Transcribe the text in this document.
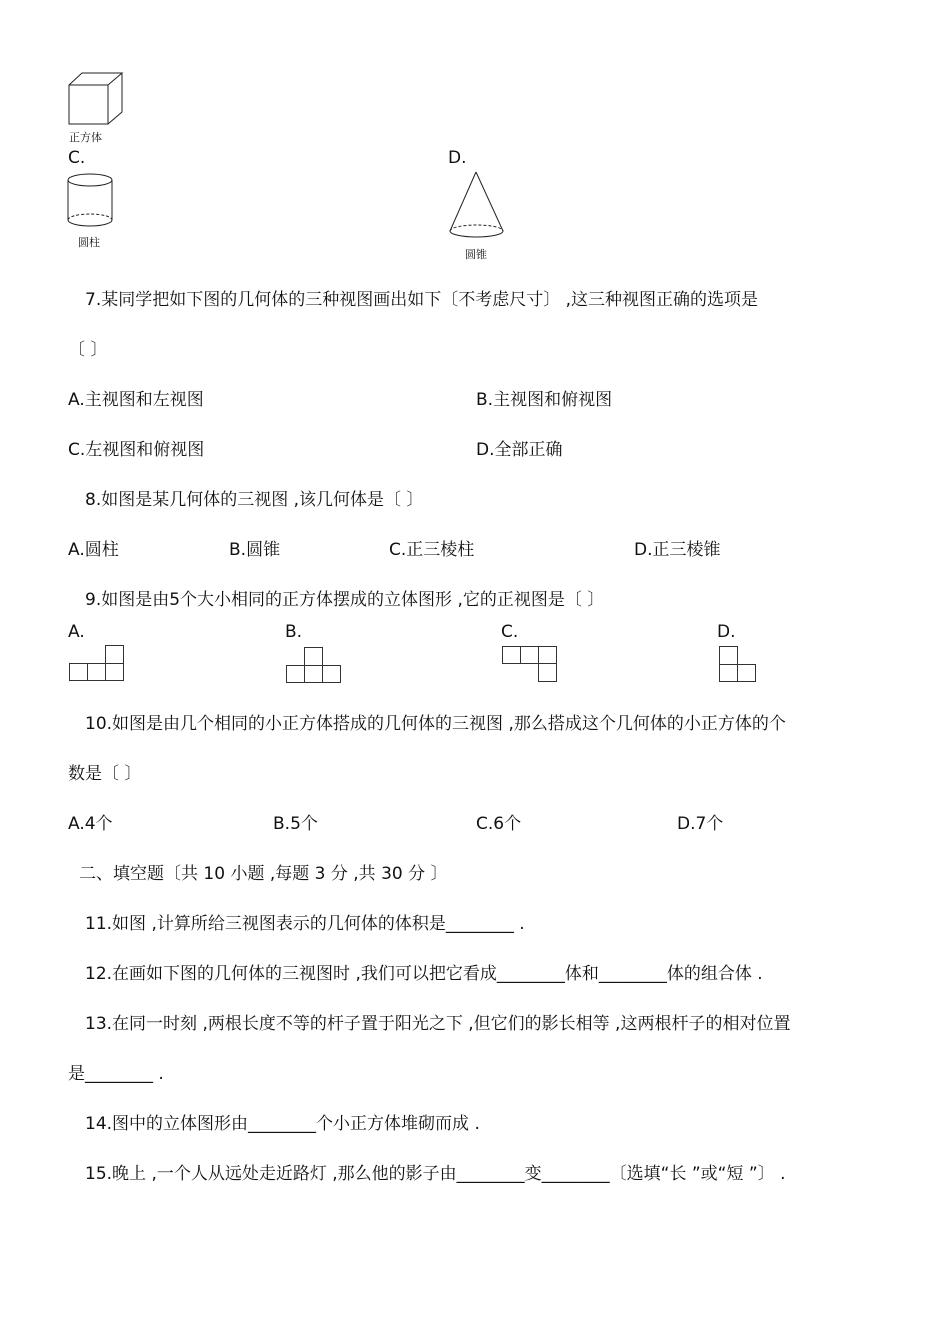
正方体
C.	D.
圆柱
圆锥
7.某同学把如下图的几何体的三种视图画出如下〔不考虑尺寸〕 ,这三种视图正确的选项是
〔 〕
A.主视图和左视图	B.主视图和俯视图
C.左视图和俯视图	D.全部正确
8.如图是某几何体的三视图 ,该几何体是〔 〕
A.圆柱	B.圆锥	C.正三棱柱	D.正三棱锥
9.如图是由5个大小相同的正方体摆成的立体图形 ,它的正视图是〔 〕
A.	B.	C.	D.
10.如图是由几个相同的小正方体搭成的几何体的三视图 ,那么搭成这个几何体的小正方体的个
数是〔 〕
A.4个	B.5个	C.6个	D.7个
二、填空题〔共 10 小题 ,每题 3 分 ,共 30 分 〕
11.如图 ,计算所给三视图表示的几何体的体积是________ .
12.在画如下图的几何体的三视图时 ,我们可以把它看成________体和________体的组合体 .
13.在同一时刻 ,两根长度不等的杆子置于阳光之下 ,但它们的影长相等 ,这两根杆子的相对位置
是________ .
14.图中的立体图形由________个小正方体堆砌而成 .
15.晚上 ,一个人从远处走近路灯 ,那么他的影子由________变________〔选填“长 ”或“短 ”〕 .
